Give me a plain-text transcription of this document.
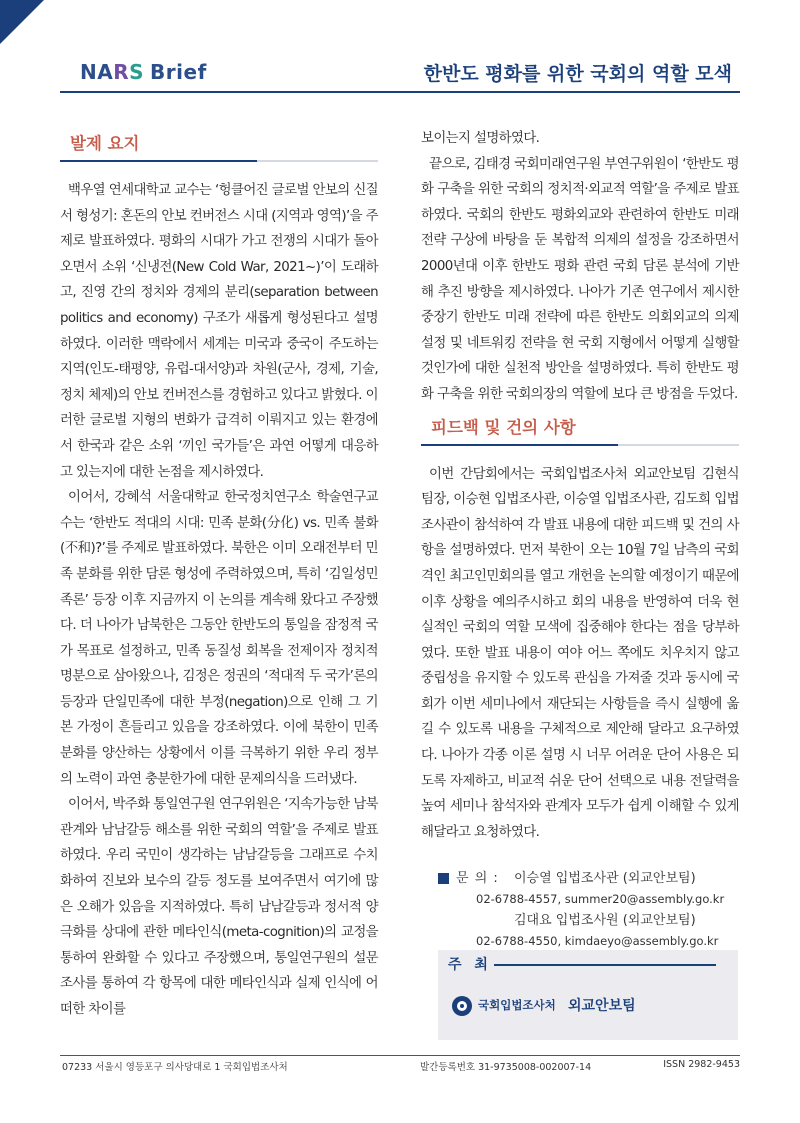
NARS Brief	한반도 평화를 위한 국회의 역할 모색
발제 요지

백우열 연세대학교 교수는 ‘헝클어진 글로벌 안보의 신질서 형성기: 혼돈의 안보 컨버전스 시대 (지역과 영역)’을 주제로 발표하였다. 평화의 시대가 가고 전쟁의 시대가 돌아오면서 소위 ‘신냉전(New Cold War, 2021~)’이 도래하고, 진영 간의 정치와 경제의 분리(separation between politics and economy) 구조가 새롭게 형성된다고 설명하였다. 이러한 맥락에서 세계는 미국과 중국이 주도하는 지역(인도-태평양, 유럽-대서양)과 차원(군사, 경제, 기술, 정치 체제)의 안보 컨버전스를 경험하고 있다고 밝혔다. 이러한 글로벌 지형의 변화가 급격히 이뤄지고 있는 환경에서 한국과 같은 소위 ‘끼인 국가들’은 과연 어떻게 대응하고 있는지에 대한 논점을 제시하였다.

이어서, 강혜석 서울대학교 한국정치연구소 학술연구교수는 ‘한반도 적대의 시대: 민족 분화(分化) vs. 민족 불화(不和)?’를 주제로 발표하였다. 북한은 이미 오래전부터 민족 분화를 위한 담론 형성에 주력하였으며, 특히 ‘김일성민족론’ 등장 이후 지금까지 이 논의를 계속해 왔다고 주장했다. 더 나아가 남북한은 그동안 한반도의 통일을 잠정적 국가 목표로 설정하고, 민족 동질성 회복을 전제이자 정치적 명분으로 삼아왔으나, 김정은 정권의 ‘적대적 두 국가’론의 등장과 단일민족에 대한 부정(negation)으로 인해 그 기본 가정이 흔들리고 있음을 강조하였다. 이에 북한이 민족 분화를 양산하는 상황에서 이를 극복하기 위한 우리 정부의 노력이 과연 충분한가에 대한 문제의식을 드러냈다.

이어서, 박주화 통일연구원 연구위원은 ‘지속가능한 남북관계와 남남갈등 해소를 위한 국회의 역할’을 주제로 발표하였다. 우리 국민이 생각하는 남남갈등을 그래프로 수치화하여 진보와 보수의 갈등 정도를 보여주면서 여기에 많은 오해가 있음을 지적하였다. 특히 남남갈등과 정서적 양극화를 상대에 관한 메타인식(meta-cognition)의 교정을 통하여 완화할 수 있다고 주장했으며, 통일연구원의 설문조사를 통하여 각 항목에 대한 메타인식과 실제 인식에 어떠한 차이를

보이는지 설명하였다.

끝으로, 김태경 국회미래연구원 부연구위원이 ‘한반도 평화 구축을 위한 국회의 정치적·외교적 역할’을 주제로 발표하였다. 국회의 한반도 평화외교와 관련하여 한반도 미래 전략 구상에 바탕을 둔 복합적 의제의 설정을 강조하면서 2000년대 이후 한반도 평화 관련 국회 담론 분석에 기반해 추진 방향을 제시하였다. 나아가 기존 연구에서 제시한 중장기 한반도 미래 전략에 따른 한반도 의회외교의 의제 설정 및 네트워킹 전략을 현 국회 지형에서 어떻게 실행할 것인가에 대한 실천적 방안을 설명하였다. 특히 한반도 평화 구축을 위한 국회의장의 역할에 보다 큰 방점을 두었다.

피드백 및 건의 사항

이번 간담회에서는 국회입법조사처 외교안보팀 김현식 팀장, 이승현 입법조사관, 이승열 입법조사관, 김도희 입법조사관이 참석하여 각 발표 내용에 대한 피드백 및 건의 사항을 설명하였다. 먼저 북한이 오는 10월 7일 남측의 국회 격인 최고인민회의를 열고 개헌을 논의할 예정이기 때문에 이후 상황을 예의주시하고 회의 내용을 반영하여 더욱 현실적인 국회의 역할 모색에 집중해야 한다는 점을 당부하였다. 또한 발표 내용이 여야 어느 쪽에도 치우치지 않고 중립성을 유지할 수 있도록 관심을 가져줄 것과 동시에 국회가 이번 세미나에서 재단되는 사항들을 즉시 실행에 옮길 수 있도록 내용을 구체적으로 제안해 달라고 요구하였다. 나아가 각종 이론 설명 시 너무 어려운 단어 사용은 되도록 자제하고, 비교적 쉬운 단어 선택으로 내용 전달력을 높여 세미나 참석자와 관계자 모두가 쉽게 이해할 수 있게 해달라고 요청하였다.

문 의 : 이승열 입법조사관 (외교안보팀)
02-6788-4557, summer20@assembly.go.kr
김대요 입법조사원 (외교안보팀)
02-6788-4550, kimdaeyo@assembly.go.kr
주 최
국회입법조사처 외교안보팀
07233 서울시 영등포구 의사당대로 1 국회입법조사처	발간등록번호 31-9735008-002007-14	ISSN 2982-9453
